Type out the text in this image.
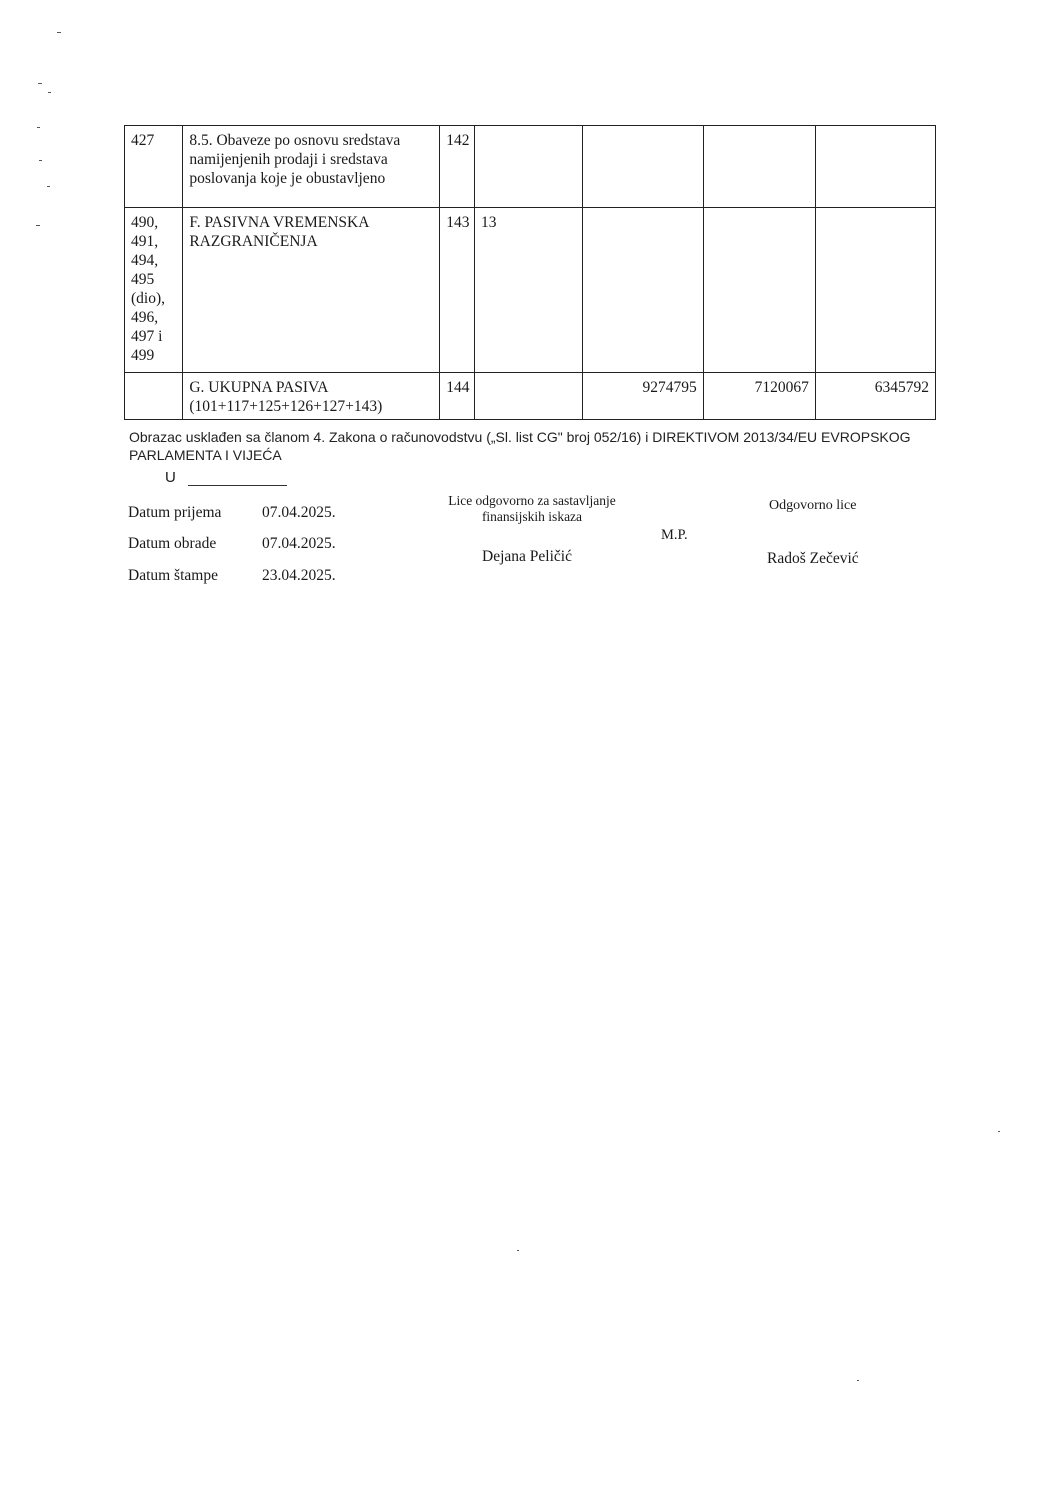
427	8.5. Obaveze po osnovu sredstava namijenjenih prodaji i sredstava poslovanja koje je obustavljeno	142				
490, 491, 494, 495 (dio), 496, 497 i 499	F. PASIVNA VREMENSKA RAZGRANIČENJA	143	13			
	G. UKUPNA PASIVA (101+117+125+126+127+143)	144		9274795	7120067	6345792
Obrazac usklađen sa članom 4. Zakona o računovodstvu („Sl. list CG" broj 052/16) i DIREKTIVOM 2013/34/EU EVROPSKOG PARLAMENTA I VIJEĆA
U
Datum prijema	07.04.2025.
Datum obrade	07.04.2025.
Datum štampe	23.04.2025.
Lice odgovorno za sastavljanje finansijskih iskaza
Dejana Peličić
M.P.
Odgovorno lice
Radoš Zečević
